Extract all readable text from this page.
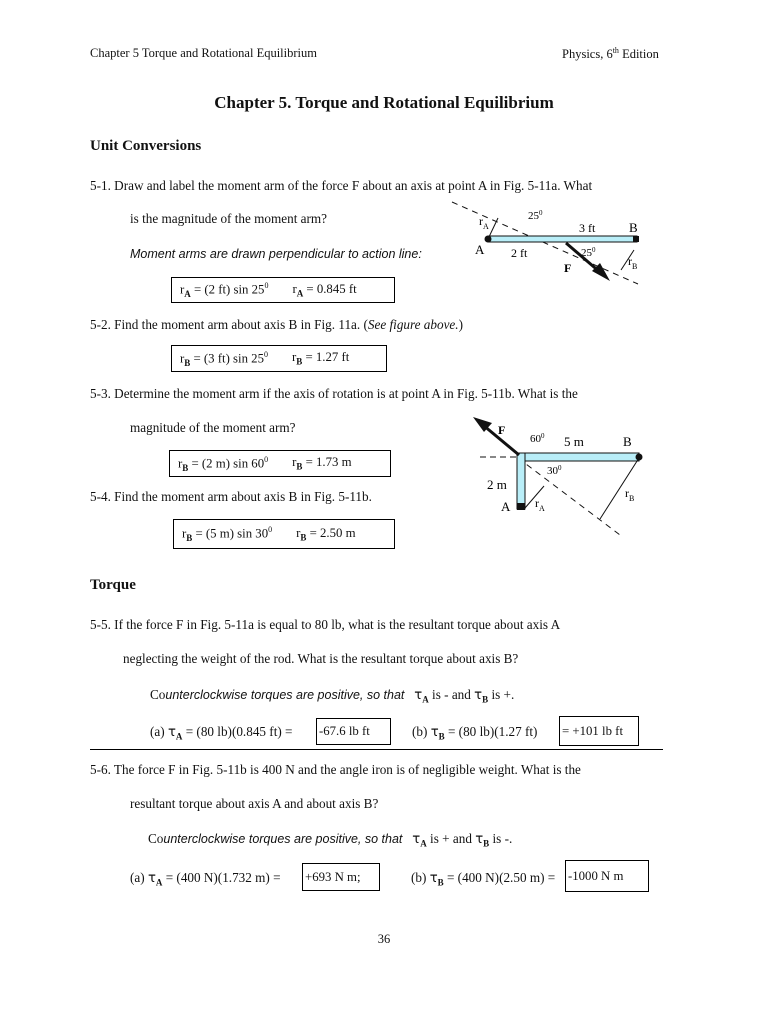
Chapter 5 Torque and Rotational Equilibrium	Physics, 6th Edition
Chapter 5. Torque and Rotational Equilibrium
Unit Conversions
5-1. Draw and label the moment arm of the force F about an axis at point A in Fig. 5-11a. What
is the magnitude of the moment arm?
Moment arms are drawn perpendicular to action line:
$r_A = (2$ ft) $\sin 25^0$ $r_A = 0.845$ ft
$r_A$
$25^0$
3 ft	B
A 2 ft	$25^0$
F	$r_B$
5-2. Find the moment arm about axis B in Fig. 11a. (See figure above.)
$r_B = (3$ ft) $\sin 25^0$ $r_B = 1.27$ ft
5-3. Determine the moment arm if the axis of rotation is at point A in Fig. 5-11b. What is the
magnitude of the moment arm?
$r_B = (2$ m) $\sin 60^0$ $r_B = 1.73$ m
F
$60^0$ 5 m	B
$30^0$
2 m
A $r_A$
$r_B$
5-4. Find the moment arm about axis B in Fig. 5-11b.
$r_B = (5$ m) $\sin 30^0$ $r_B = 2.50$ m
Torque
5-5. If the force F in Fig. 5-11a is equal to 80 lb, what is the resultant torque about axis A
neglecting the weight of the rod. What is the resultant torque about axis B?
Counterclockwise torques are positive, so that $\tau_A$ is - and $\tau_B$ is +.
(a) $\tau_A = (80$ lb)(0.845 ft) = -67.6 lb ft	(b) $\tau_B = (80$ lb)(1.27 ft) = +101 lb ft
5-6. The force F in Fig. 5-11b is 400 N and the angle iron is of negligible weight. What is the
resultant torque about axis A and about axis B?
Counterclockwise torques are positive, so that $\tau_A$ is + and $\tau_B$ is -.
(a) $\tau_A = (400$ N)(1.732 m) = +693 N m;	(b) $\tau_B = (400$ N)(2.50 m) = -1000 N m
36
